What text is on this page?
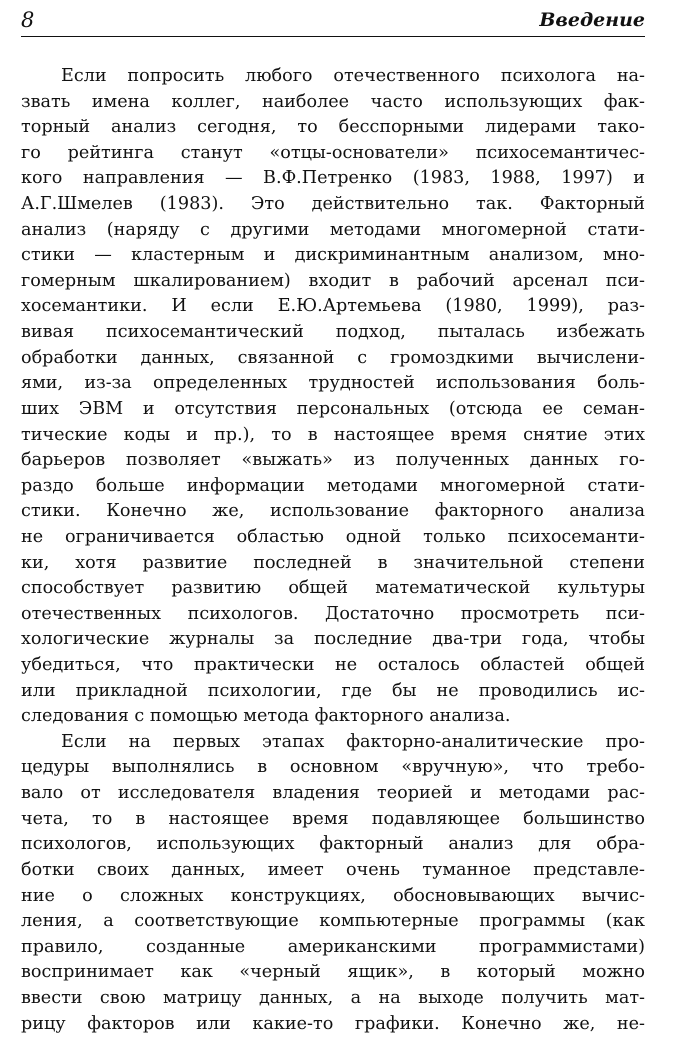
8	Введение
Если попросить любого отечественного психолога на-
звать имена коллег, наиболее часто использующих фак-
торный анализ сегодня, то бесспорными лидерами тако-
го рейтинга станут «отцы-основатели» психосемантичес-
кого направления — В.Ф.Петренко (1983, 1988, 1997) и
А.Г.Шмелев (1983). Это действительно так. Факторный
анализ (наряду с другими методами многомерной стати-
стики — кластерным и дискриминантным анализом, мно-
гомерным шкалированием) входит в рабочий арсенал пси-
хосемантики. И если Е.Ю.Артемьева (1980, 1999), раз-
вивая психосемантический подход, пыталась избежать
обработки данных, связанной с громоздкими вычислени-
ями, из-за определенных трудностей использования боль-
ших ЭВМ и отсутствия персональных (отсюда ее семан-
тические коды и пр.), то в настоящее время снятие этих
барьеров позволяет «выжать» из полученных данных го-
раздо больше информации методами многомерной стати-
стики. Конечно же, использование факторного анализа
не ограничивается областью одной только психосеманти-
ки, хотя развитие последней в значительной степени
способствует развитию общей математической культуры
отечественных психологов. Достаточно просмотреть пси-
хологические журналы за последние два-три года, чтобы
убедиться, что практически не осталось областей общей
или прикладной психологии, где бы не проводились ис-
следования с помощью метода факторного анализа.
Если на первых этапах факторно-аналитические про-
цедуры выполнялись в основном «вручную», что требо-
вало от исследователя владения теорией и методами рас-
чета, то в настоящее время подавляющее большинство
психологов, использующих факторный анализ для обра-
ботки своих данных, имеет очень туманное представле-
ние о сложных конструкциях, обосновывающих вычис-
ления, а соответствующие компьютерные программы (как
правило, созданные американскими программистами)
воспринимает как «черный ящик», в который можно
ввести свою матрицу данных, а на выходе получить мат-
рицу факторов или какие-то графики. Конечно же, не-
